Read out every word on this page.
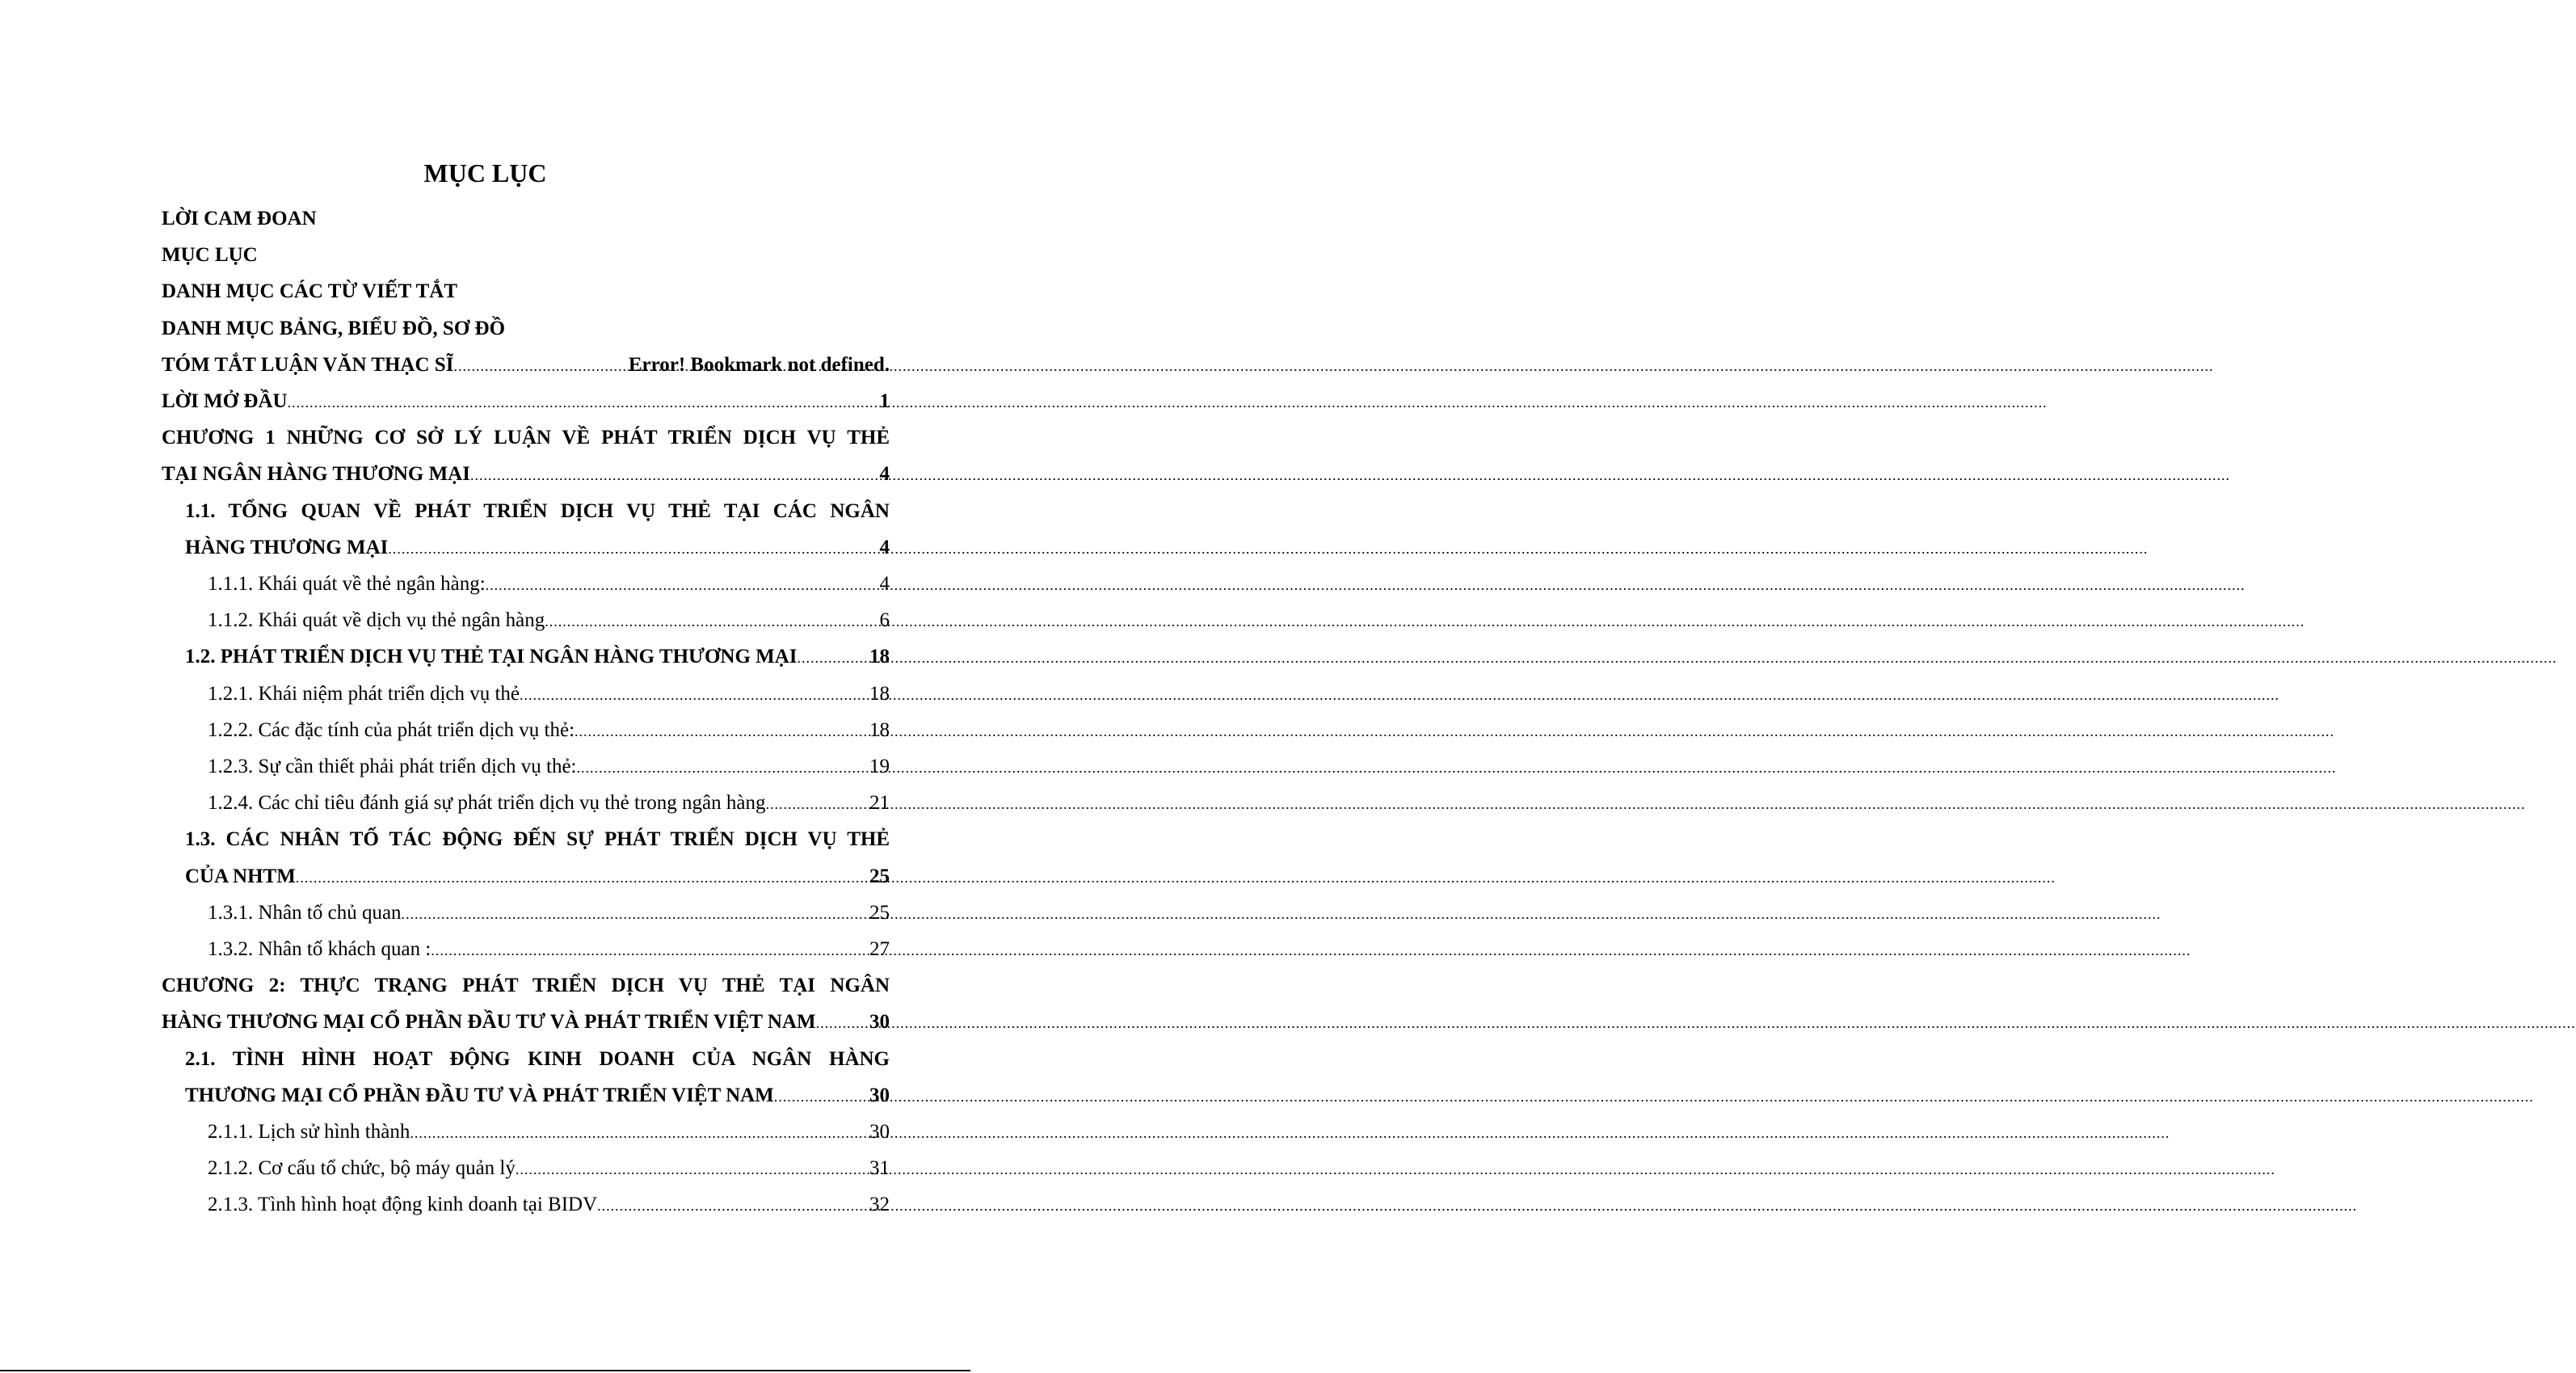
MỤC LỤC
LỜI CAM ĐOAN
MỤC LỤC
DANH MỤC CÁC TỪ VIẾT TẮT
DANH MỤC BẢNG, BIỂU ĐỒ, SƠ ĐỒ
TÓM TẮT LUẬN VĂN THẠC SĨ .....	Error! Bookmark not defined.
LỜI MỞ ĐẦU .....	1
CHƯƠNG 1 NHỮNG CƠ SỞ LÝ LUẬN VỀ PHÁT TRIỂN DỊCH VỤ THẺ
TẠI NGÂN HÀNG THƯƠNG MẠI .....	4
1.1. TỔNG QUAN VỀ PHÁT TRIỂN DỊCH VỤ THẺ TẠI CÁC NGÂN
HÀNG THƯƠNG MẠI .....	4
1.1.1. Khái quát về thẻ ngân hàng: .....	4
1.1.2. Khái quát về dịch vụ thẻ ngân hàng .....	6
1.2. PHÁT TRIỂN DỊCH VỤ THẺ TẠI NGÂN HÀNG THƯƠNG MẠI .....	18
1.2.1. Khái niệm phát triển dịch vụ thẻ .....	18
1.2.2. Các đặc tính của phát triển dịch vụ thẻ: .....	18
1.2.3. Sự cần thiết phải phát triển dịch vụ thẻ: .....	19
1.2.4. Các chỉ tiêu đánh giá sự phát triển dịch vụ thẻ trong ngân hàng .....	21
1.3. CÁC NHÂN TỐ TÁC ĐỘNG ĐẾN SỰ PHÁT TRIỂN DỊCH VỤ THẺ
CỦA NHTM .....	25
1.3.1. Nhân tố chủ quan .....	25
1.3.2. Nhân tố khách quan : .....	27
CHƯƠNG 2: THỰC TRẠNG PHÁT TRIỂN DỊCH VỤ THẺ TẠI NGÂN
HÀNG THƯƠNG MẠI CỔ PHẦN ĐẦU TƯ VÀ PHÁT TRIỂN VIỆT NAM .....	30
2.1. TÌNH HÌNH HOẠT ĐỘNG KINH DOANH CỦA NGÂN HÀNG
THƯƠNG MẠI CỔ PHẦN ĐẦU TƯ VÀ PHÁT TRIỂN VIỆT NAM .....	30
2.1.1. Lịch sử hình thành .....	30
2.1.2. Cơ cấu tổ chức, bộ máy quản lý .....	31
2.1.3. Tình hình hoạt động kinh doanh tại BIDV .....	32
